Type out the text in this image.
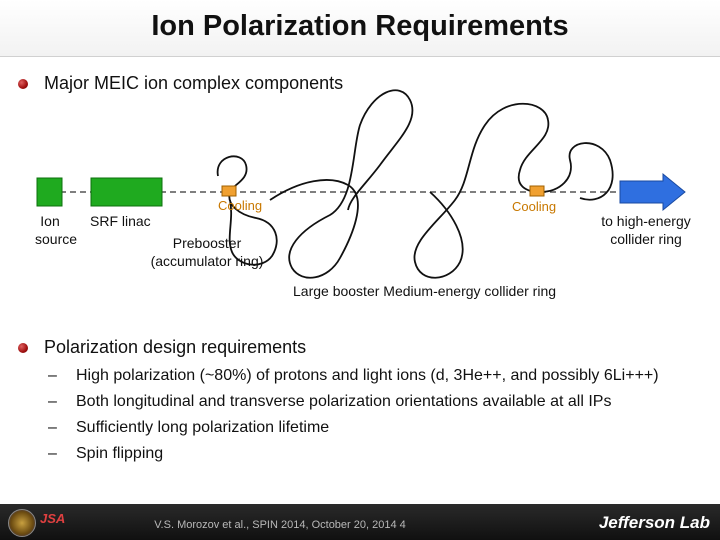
Ion Polarization Requirements
Major MEIC ion complex components
Ion source
SRF linac
Cooling	Cooling
Prebooster
(accumulator ring)
to high-energy collider ring
Large booster Medium-energy collider ring
Polarization design requirements
– High polarization (~80%) of protons and light ions (d, 3He++, and possibly 6Li+++)
– Both longitudinal and transverse polarization orientations available at all IPs
– Sufficiently long polarization lifetime
– Spin flipping
JSA	V.S. Morozov et al., SPIN 2014, October 20, 2014 4	Jefferson Lab
